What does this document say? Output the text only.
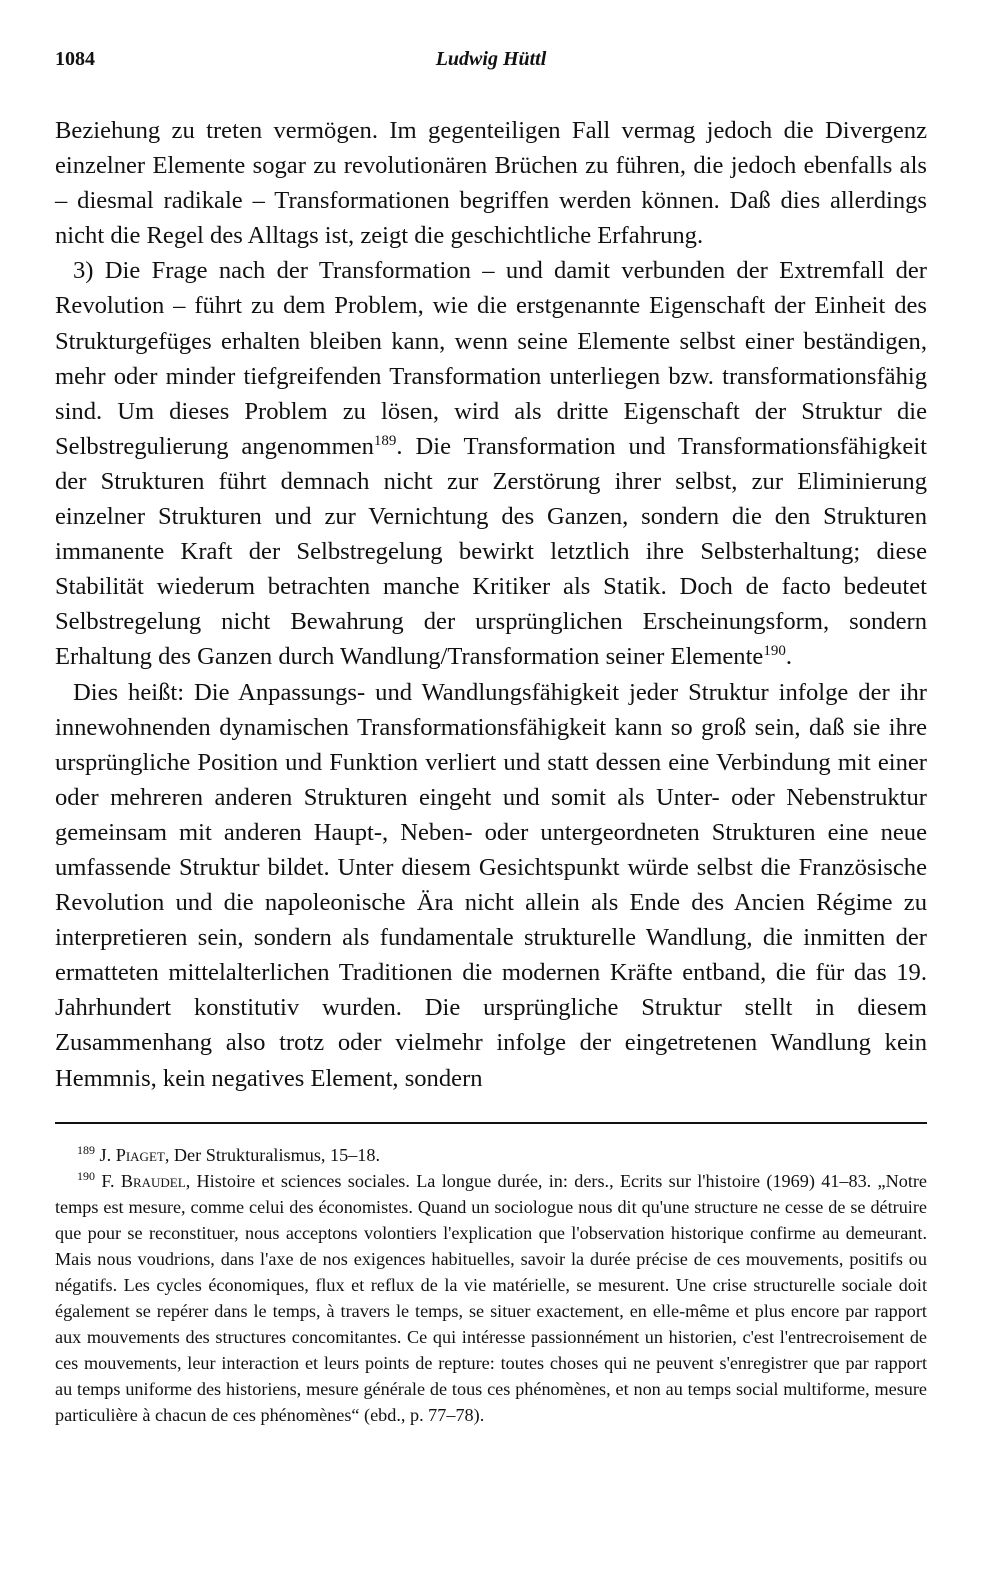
1084	Ludwig Hüttl

Beziehung zu treten vermögen. Im gegenteiligen Fall vermag jedoch die Divergenz einzelner Elemente sogar zu revolutionären Brüchen zu führen, die jedoch ebenfalls als – diesmal radikale – Transformationen begriffen werden können. Daß dies allerdings nicht die Regel des Alltags ist, zeigt die geschichtliche Erfahrung.

3) Die Frage nach der Transformation – und damit verbunden der Extremfall der Revolution – führt zu dem Problem, wie die erstgenannte Eigenschaft der Einheit des Strukturgefüges erhalten bleiben kann, wenn seine Elemente selbst einer beständigen, mehr oder minder tiefgreifenden Transformation unterliegen bzw. transformationsfähig sind. Um dieses Problem zu lösen, wird als dritte Eigenschaft der Struktur die Selbstregulierung angenommen$^{189}$. Die Transformation und Transformationsfähigkeit der Strukturen führt demnach nicht zur Zerstörung ihrer selbst, zur Eliminierung einzelner Strukturen und zur Vernichtung des Ganzen, sondern die den Strukturen immanente Kraft der Selbstregelung bewirkt letztlich ihre Selbsterhaltung; diese Stabilität wiederum betrachten manche Kritiker als Statik. Doch de facto bedeutet Selbstregelung nicht Bewahrung der ursprünglichen Erscheinungsform, sondern Erhaltung des Ganzen durch Wandlung/Transformation seiner Elemente$^{190}$.

Dies heißt: Die Anpassungs- und Wandlungsfähigkeit jeder Struktur infolge der ihr innewohnenden dynamischen Transformationsfähigkeit kann so groß sein, daß sie ihre ursprüngliche Position und Funktion verliert und statt dessen eine Verbindung mit einer oder mehreren anderen Strukturen eingeht und somit als Unter- oder Nebenstruktur gemeinsam mit anderen Haupt-, Neben- oder untergeordneten Strukturen eine neue umfassende Struktur bildet. Unter diesem Gesichtspunkt würde selbst die Französische Revolution und die napoleonische Ära nicht allein als Ende des Ancien Régime zu interpretieren sein, sondern als fundamentale strukturelle Wandlung, die inmitten der ermatteten mittelalterlichen Traditionen die modernen Kräfte entband, die für das 19. Jahrhundert konstitutiv wurden. Die ursprüngliche Struktur stellt in diesem Zusammenhang also trotz oder vielmehr infolge der eingetretenen Wandlung kein Hemmnis, kein negatives Element, sondern

$^{189}$ J. Piaget, Der Strukturalismus, 15–18.

$^{190}$ F. Braudel, Histoire et sciences sociales. La longue durée, in: ders., Ecrits sur l'histoire (1969) 41–83. „Notre temps est mesure, comme celui des économistes. Quand un sociologue nous dit qu'une structure ne cesse de se détruire que pour se reconstituer, nous acceptons volontiers l'explication que l'observation historique confirme au demeurant. Mais nous voudrions, dans l'axe de nos exigences habituelles, savoir la durée précise de ces mouvements, positifs ou négatifs. Les cycles économiques, flux et reflux de la vie matérielle, se mesurent. Une crise structurelle sociale doit également se repérer dans le temps, à travers le temps, se situer exactement, en elle-même et plus encore par rapport aux mouvements des structures concomitantes. Ce qui intéresse passionnément un historien, c'est l'entrecroisement de ces mouvements, leur interaction et leurs points de repture: toutes choses qui ne peuvent s'enregistrer que par rapport au temps uniforme des historiens, mesure générale de tous ces phénomènes, et non au temps social multiforme, mesure particulière à chacun de ces phénomènes“ (ebd., p. 77–78).
